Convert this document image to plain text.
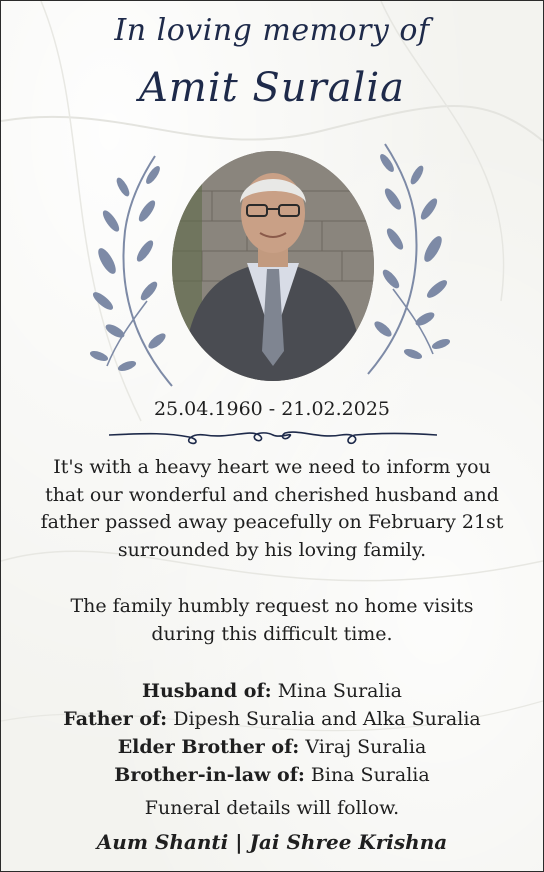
In loving memory of
Amit Suralia
25.04.1960 - 21.02.2025
It's with a heavy heart we need to inform you
that our wonderful and cherished husband and
father passed away peacefully on February 21st
surrounded by his loving family.
The family humbly request no home visits
during this difficult time.
Husband of: Mina Suralia
Father of: Dipesh Suralia and Alka Suralia
Elder Brother of: Viraj Suralia
Brother-in-law of: Bina Suralia
Funeral details will follow.
Aum Shanti | Jai Shree Krishna
